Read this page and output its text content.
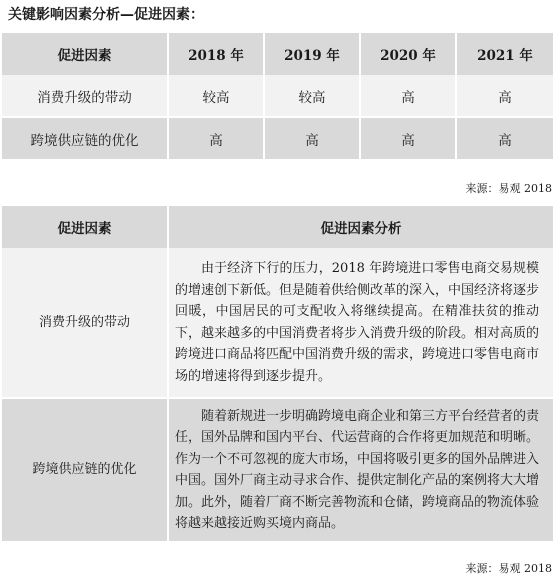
关键影响因素分析—促进因素：
促进因素	2018 年	2019 年	2020 年	2021 年
消费升级的带动	较高	较高	高	高
跨境供应链的优化	高	高	高	高
来源：易观 2018
促进因素	促进因素分析
消费升级的带动	由于经济下行的压力，2018 年跨境进口零售电商交易规模的增速创下新低。但是随着供给侧改革的深入，中国经济将逐步回暖，中国居民的可支配收入将继续提高。在精准扶贫的推动下，越来越多的中国消费者将步入消费升级的阶段。相对高质的跨境进口商品将匹配中国消费升级的需求，跨境进口零售电商市场的增速将得到逐步提升。

跨境供应链的优化	随着新规进一步明确跨境电商企业和第三方平台经营者的责任，国外品牌和国内平台、代运营商的合作将更加规范和明晰。作为一个不可忽视的庞大市场，中国将吸引更多的国外品牌进入中国。国外厂商主动寻求合作、提供定制化产品的案例将大大增加。此外，随着厂商不断完善物流和仓储，跨境商品的物流体验将越来越接近购买境内商品。

来源：易观 2018
